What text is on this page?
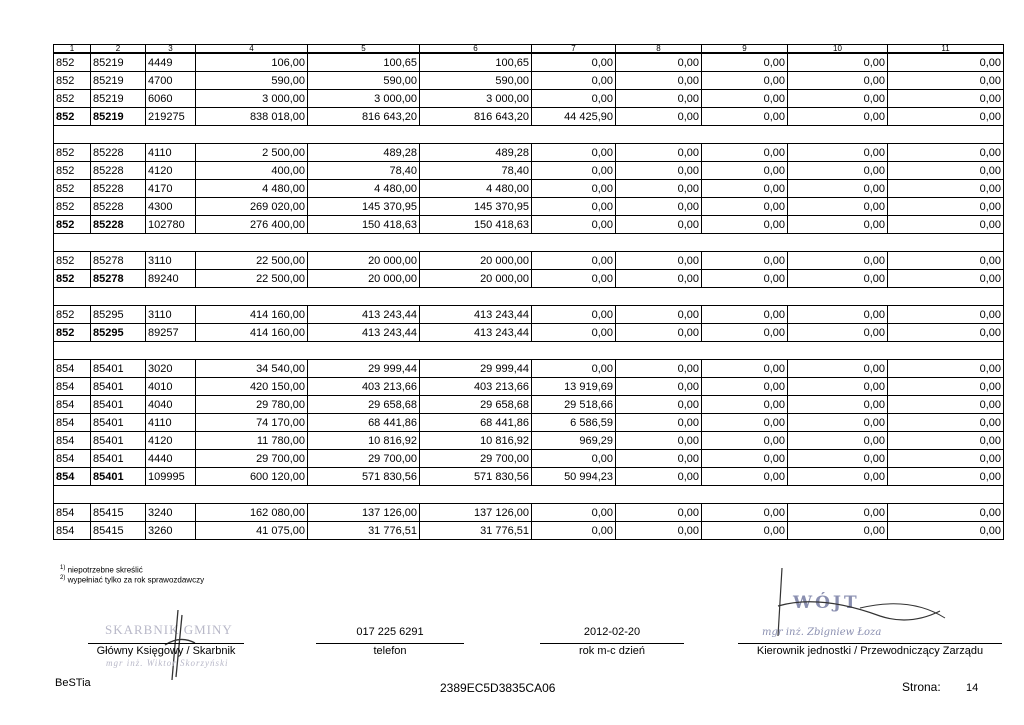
1	2	3	4	5	6	7	8	9	10	11
852	85219	4449	106,00	100,65	100,65	0,00	0,00	0,00	0,00	0,00
852	85219	4700	590,00	590,00	590,00	0,00	0,00	0,00	0,00	0,00
852	85219	6060	3 000,00	3 000,00	3 000,00	0,00	0,00	0,00	0,00	0,00
852	85219	219275	838 018,00	816 643,20	816 643,20	44 425,90	0,00	0,00	0,00	0,00

852	85228	4110	2 500,00	489,28	489,28	0,00	0,00	0,00	0,00	0,00
852	85228	4120	400,00	78,40	78,40	0,00	0,00	0,00	0,00	0,00
852	85228	4170	4 480,00	4 480,00	4 480,00	0,00	0,00	0,00	0,00	0,00
852	85228	4300	269 020,00	145 370,95	145 370,95	0,00	0,00	0,00	0,00	0,00
852	85228	102780	276 400,00	150 418,63	150 418,63	0,00	0,00	0,00	0,00	0,00

852	85278	3110	22 500,00	20 000,00	20 000,00	0,00	0,00	0,00	0,00	0,00
852	85278	89240	22 500,00	20 000,00	20 000,00	0,00	0,00	0,00	0,00	0,00

852	85295	3110	414 160,00	413 243,44	413 243,44	0,00	0,00	0,00	0,00	0,00
852	85295	89257	414 160,00	413 243,44	413 243,44	0,00	0,00	0,00	0,00	0,00

854	85401	3020	34 540,00	29 999,44	29 999,44	0,00	0,00	0,00	0,00	0,00
854	85401	4010	420 150,00	403 213,66	403 213,66	13 919,69	0,00	0,00	0,00	0,00
854	85401	4040	29 780,00	29 658,68	29 658,68	29 518,66	0,00	0,00	0,00	0,00
854	85401	4110	74 170,00	68 441,86	68 441,86	6 586,59	0,00	0,00	0,00	0,00
854	85401	4120	11 780,00	10 816,92	10 816,92	969,29	0,00	0,00	0,00	0,00
854	85401	4440	29 700,00	29 700,00	29 700,00	0,00	0,00	0,00	0,00	0,00
854	85401	109995	600 120,00	571 830,56	571 830,56	50 994,23	0,00	0,00	0,00	0,00

854	85415	3240	162 080,00	137 126,00	137 126,00	0,00	0,00	0,00	0,00	0,00
854	85415	3260	41 075,00	31 776,51	31 776,51	0,00	0,00	0,00	0,00	0,00
$^{1)}$ niepotrzebne skreślić
$^{2)}$ wypełniać tylko za rok sprawozdawczy
SKARBNIK GMINY
Główny Księgowy / Skarbnik
mgr inż. Wiktor Skorzyński
017 225 6291
telefon
2012-02-20
rok m-c dzień
WÓJT
mgr inż. Zbigniew Łoza
Kierownik jednostki / Przewodniczący Zarządu
BeSTia	2389EC5D3835CA06	Strona: 14
